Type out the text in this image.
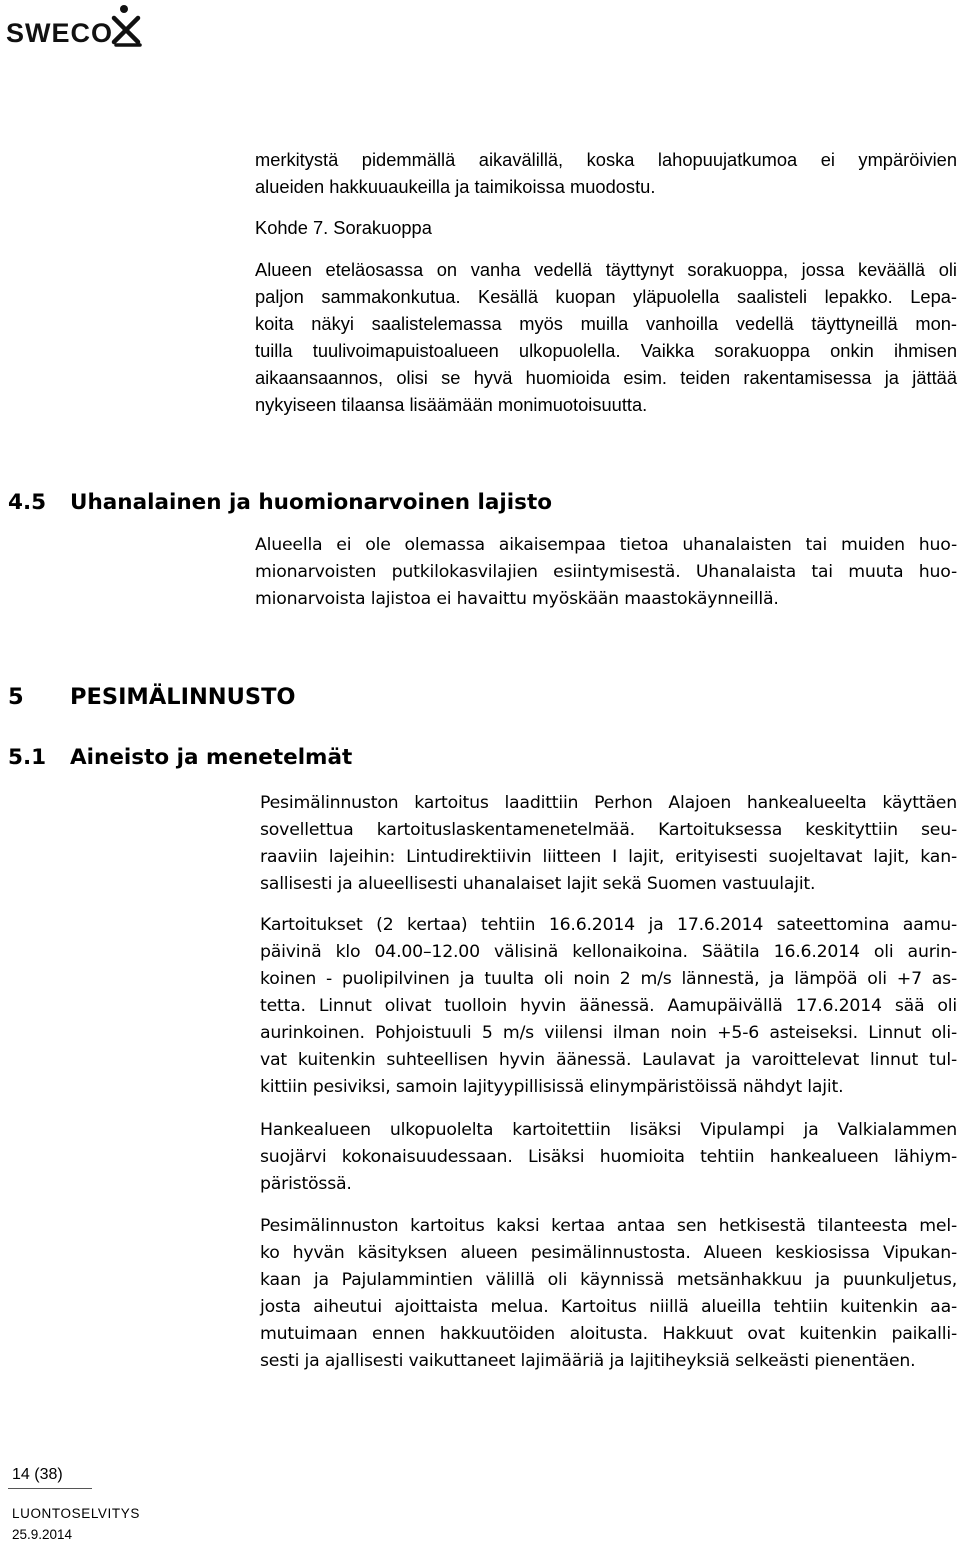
SWECO
merkitystä pidemmällä aikavälillä, koska lahopuujatkumoa ei ympäröivien
alueiden hakkuuaukeilla ja taimikoissa muodostu.
Kohde 7. Sorakuoppa
Alueen eteläosassa on vanha vedellä täyttynyt sorakuoppa, jossa keväällä oli
paljon sammakonkutua. Kesällä kuopan yläpuolella saalisteli lepakko. Lepa-
koita näkyi saalistelemassa myös muilla vanhoilla vedellä täyttyneillä mon-
tuilla tuulivoimapuistoalueen ulkopuolella. Vaikka sorakuoppa onkin ihmisen
aikaansaannos, olisi se hyvä huomioida esim. teiden rakentamisessa ja jättää
nykyiseen tilaansa lisäämään monimuotoisuutta.
4.5 Uhanalainen ja huomionarvoinen lajisto
Alueella ei ole olemassa aikaisempaa tietoa uhanalaisten tai muiden huo-
mionarvoisten putkilokasvilajien esiintymisestä. Uhanalaista tai muuta huo-
mionarvoista lajistoa ei havaittu myöskään maastokäynneillä.
5 PESIMÄLINNUSTO
5.1 Aineisto ja menetelmät
Pesimälinnuston kartoitus laadittiin Perhon Alajoen hankealueelta käyttäen
sovellettua kartoituslaskentamenetelmää. Kartoituksessa keskityttiin seu-
raaviin lajeihin: Lintudirektiivin liitteen I lajit, erityisesti suojeltavat lajit, kan-
sallisesti ja alueellisesti uhanalaiset lajit sekä Suomen vastuulajit.
Kartoitukset (2 kertaa) tehtiin 16.6.2014 ja 17.6.2014 sateettomina aamu-
päivinä klo 04.00–12.00 välisinä kellonaikoina. Säätila 16.6.2014 oli aurin-
koinen - puolipilvinen ja tuulta oli noin 2 m/s lännestä, ja lämpöä oli +7 as-
tetta. Linnut olivat tuolloin hyvin äänessä. Aamupäivällä 17.6.2014 sää oli
aurinkoinen. Pohjoistuuli 5 m/s viilensi ilman noin +5-6 asteiseksi. Linnut oli-
vat kuitenkin suhteellisen hyvin äänessä. Laulavat ja varoittelevat linnut tul-
kittiin pesiviksi, samoin lajityypillisissä elinympäristöissä nähdyt lajit.
Hankealueen ulkopuolelta kartoitettiin lisäksi Vipulampi ja Valkialammen
suojärvi kokonaisuudessaan. Lisäksi huomioita tehtiin hankealueen lähiym-
päristössä.
Pesimälinnuston kartoitus kaksi kertaa antaa sen hetkisestä tilanteesta mel-
ko hyvän käsityksen alueen pesimälinnustosta. Alueen keskiosissa Vipukan-
kaan ja Pajulammintien välillä oli käynnissä metsänhakkuu ja puunkuljetus,
josta aiheutui ajoittaista melua. Kartoitus niillä alueilla tehtiin kuitenkin aa-
mutuimaan ennen hakkuutöiden aloitusta. Hakkuut ovat kuitenkin paikalli-
sesti ja ajallisesti vaikuttaneet lajimääriä ja lajitiheyksiä selkeästi pienentäen.
14 (38)
LUONTOSELVITYS
25.9.2014
